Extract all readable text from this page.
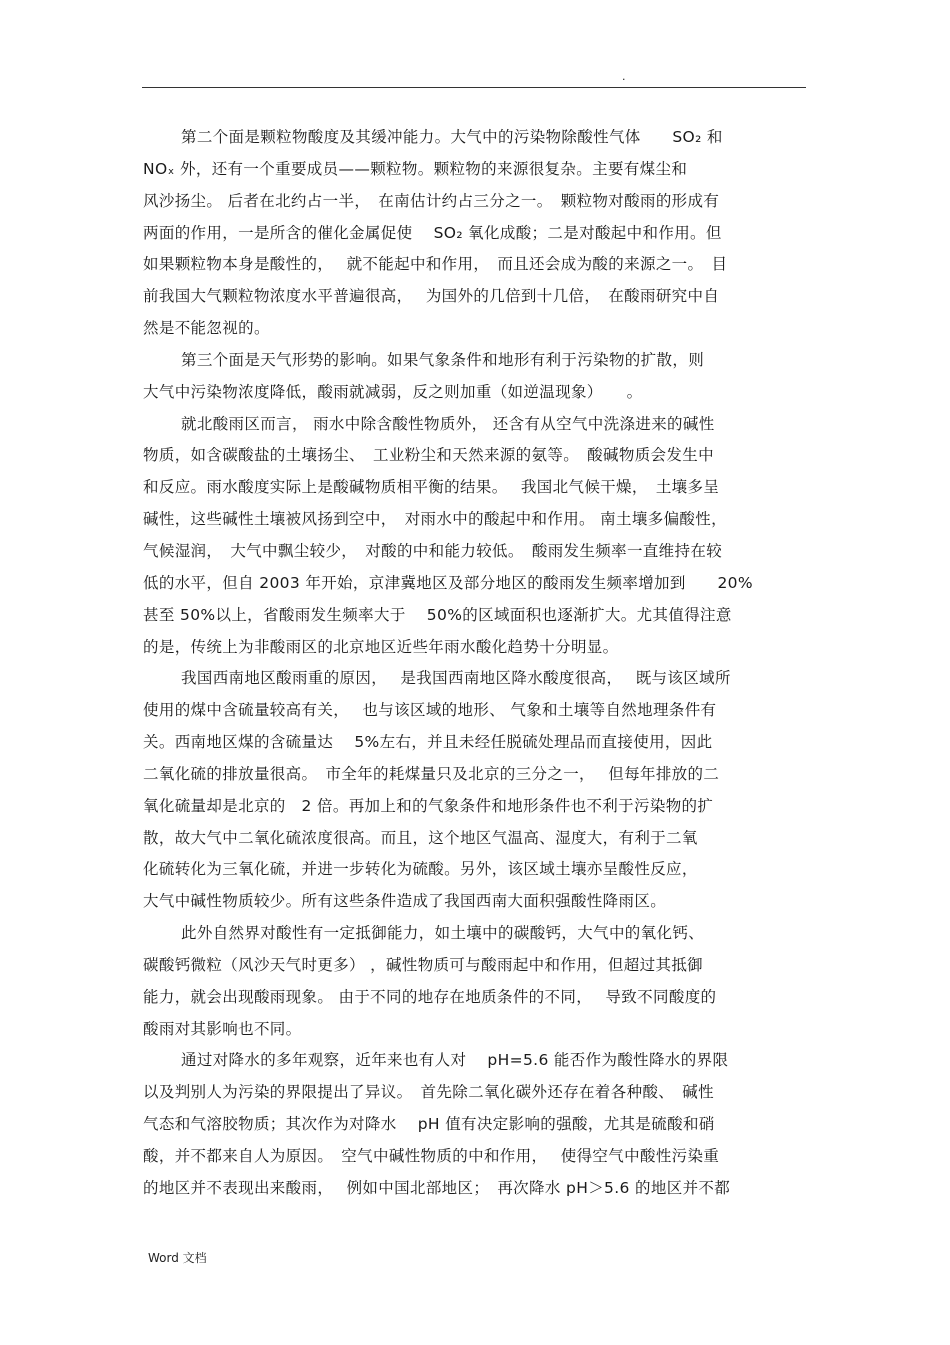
.
第二个面是颗粒物酸度及其缓冲能力。大气中的污染物除酸性气体　　SO₂ 和
NOₓ 外，还有一个重要成员——颗粒物。颗粒物的来源很复杂。主要有煤尘和
风沙扬尘。 后者在北约占一半，　在南估计约占三分之一。　颗粒物对酸雨的形成有
两面的作用，一是所含的催化金属促使　 SO₂ 氧化成酸；二是对酸起中和作用。但
如果颗粒物本身是酸性的，　 就不能起中和作用，　而且还会成为酸的来源之一。　目
前我国大气颗粒物浓度水平普遍很高，　 为国外的几倍到十几倍，　在酸雨研究中自
然是不能忽视的。
第三个面是天气形势的影响。如果气象条件和地形有利于污染物的扩散，则
大气中污染物浓度降低，酸雨就减弱，反之则加重（如逆温现象）　　。
就北酸雨区而言， 雨水中除含酸性物质外， 还含有从空气中洗涤进来的碱性
物质，如含碳酸盐的土壤扬尘、　工业粉尘和天然来源的氨等。　酸碱物质会发生中
和反应。雨水酸度实际上是酸碱物质相平衡的结果。　 我国北气候干燥，　土壤多呈
碱性，这些碱性土壤被风扬到空中，　对雨水中的酸起中和作用。 南土壤多偏酸性，
气候湿润，　大气中飘尘较少，　对酸的中和能力较低。　酸雨发生频率一直维持在较
低的水平，但自 2003 年开始，京津冀地区及部分地区的酸雨发生频率增加到　　20%
甚至 50%以上，省酸雨发生频率大于　 50%的区域面积也逐渐扩大。尤其值得注意
的是，传统上为非酸雨区的北京地区近些年雨水酸化趋势十分明显。
我国西南地区酸雨重的原因，　 是我国西南地区降水酸度很高，　 既与该区域所
使用的煤中含硫量较高有关，　 也与该区域的地形、 气象和土壤等自然地理条件有
关。西南地区煤的含硫量达　 5%左右，并且未经任脱硫处理品而直接使用，因此
二氧化硫的排放量很高。　市全年的耗煤量只及北京的三分之一，　 但每年排放的二
氧化硫量却是北京的　2 倍。再加上和的气象条件和地形条件也不利于污染物的扩
散，故大气中二氧化硫浓度很高。而且，这个地区气温高、湿度大，有利于二氧
化硫转化为三氧化硫，并进一步转化为硫酸。另外，该区域土壤亦呈酸性反应，
大气中碱性物质较少。所有这些条件造成了我国西南大面积强酸性降雨区。
此外自然界对酸性有一定抵御能力，如土壤中的碳酸钙，大气中的氧化钙、
碳酸钙微粒（风沙天气时更多） ，碱性物质可与酸雨起中和作用，但超过其抵御
能力，就会出现酸雨现象。 由于不同的地存在地质条件的不同，　 导致不同酸度的
酸雨对其影响也不同。
通过对降水的多年观察，近年来也有人对　 pH=5.6 能否作为酸性降水的界限
以及判别人为污染的界限提出了异议。　首先除二氧化碳外还存在着各种酸、　碱性
气态和气溶胶物质；其次作为对降水　 pH 值有决定影响的强酸，尤其是硫酸和硝
酸，并不都来自人为原因。　空气中碱性物质的中和作用，　 使得空气中酸性污染重
的地区并不表现出来酸雨，　 例如中国北部地区；　再次降水 pH＞5.6 的地区并不都
Word 文档
